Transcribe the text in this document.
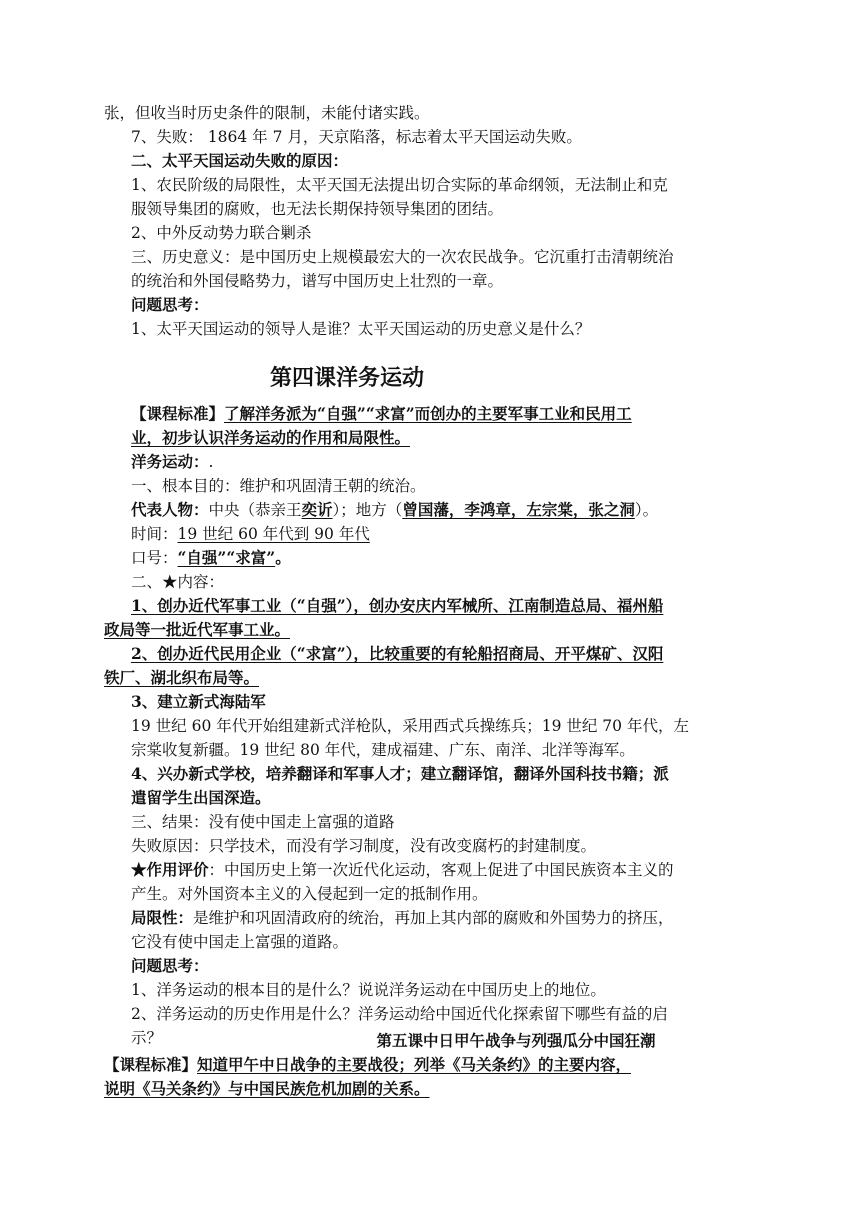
张，但收当时历史条件的限制，未能付诸实践。
7、失败： 1864 年 7 月，天京陷落，标志着太平天国运动失败。
二、太平天国运动失败的原因：
1、农民阶级的局限性，太平天国无法提出切合实际的革命纲领，无法制止和克
服领导集团的腐败，也无法长期保持领导集团的团结。
2、中外反动势力联合剿杀
三、历史意义：是中国历史上规模最宏大的一次农民战争。它沉重打击清朝统治
的统治和外国侵略势力，谱写中国历史上壮烈的一章。
问题思考：
1、太平天国运动的领导人是谁？太平天国运动的历史意义是什么？
第四课洋务运动
【课程标准】了解洋务派为“自强”“求富”而创办的主要军事工业和民用工
业，初步认识洋务运动的作用和局限性。
洋务运动：.
一、根本目的：维护和巩固清王朝的统治。
代表人物：中央（恭亲王奕䜣）；地方（曾国藩，李鸿章，左宗棠，张之洞）。
时间：19 世纪 60 年代到 90 年代
口号：“自强”“求富”。
二、★内容：
1、创办近代军事工业（“自强”），创办安庆内军械所、江南制造总局、福州船
政局等一批近代军事工业。
2、创办近代民用企业（“求富”），比较重要的有轮船招商局、开平煤矿、汉阳
铁厂、湖北织布局等。
3、建立新式海陆军
19 世纪 60 年代开始组建新式洋枪队，采用西式兵操练兵；19 世纪 70 年代，左
宗棠收复新疆。19 世纪 80 年代，建成福建、广东、南洋、北洋等海军。
4、兴办新式学校，培养翻译和军事人才；建立翻译馆，翻译外国科技书籍；派
遣留学生出国深造。
三、结果：没有使中国走上富强的道路
失败原因：只学技术，而没有学习制度，没有改变腐朽的封建制度。
★作用评价：中国历史上第一次近代化运动，客观上促进了中国民族资本主义的
产生。对外国资本主义的入侵起到一定的抵制作用。
局限性：是维护和巩固清政府的统治，再加上其内部的腐败和外国势力的挤压，
它没有使中国走上富强的道路。
问题思考：
1、洋务运动的根本目的是什么？说说洋务运动在中国历史上的地位。
2、洋务运动的历史作用是什么？洋务运动给中国近代化探索留下哪些有益的启
示？	第五课中日甲午战争与列强瓜分中国狂潮
【课程标准】知道甲午中日战争的主要战役；列举《马关条约》的主要内容，
说明《马关条约》与中国民族危机加剧的关系。
